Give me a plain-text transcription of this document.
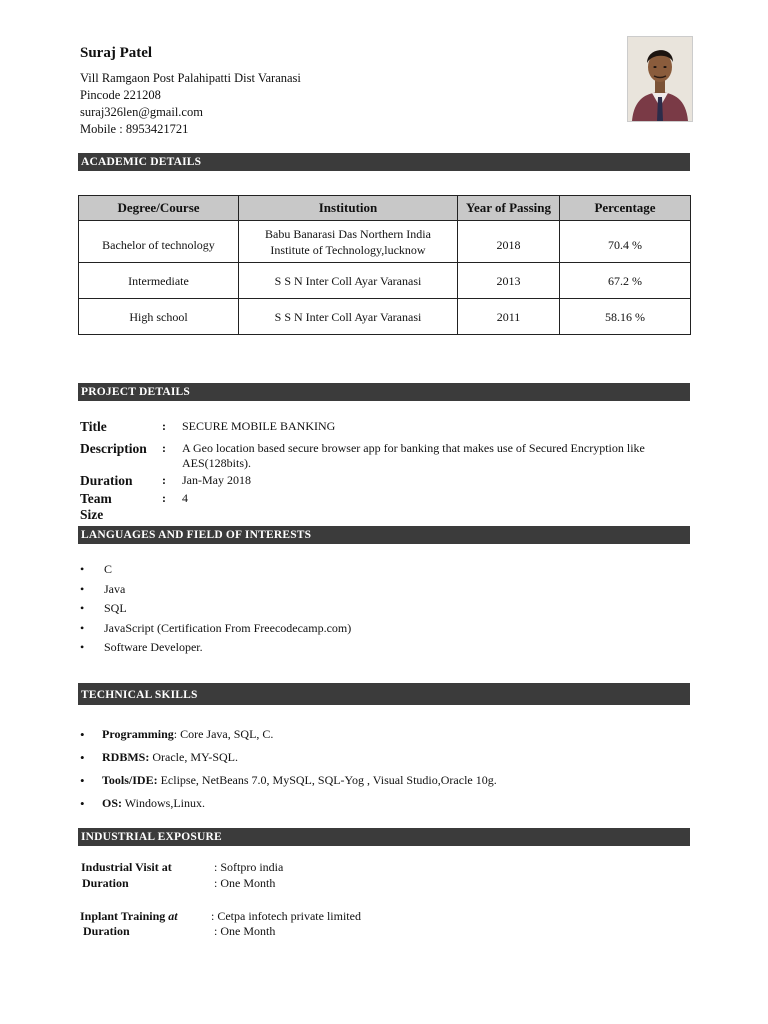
Suraj Patel
Vill Ramgaon Post Palahipatti Dist Varanasi
Pincode 221208
suraj326len@gmail.com
Mobile : 8953421721
ACADEMIC DETAILS
Degree/Course	Institution	Year of Passing	Percentage
Bachelor of technology	Babu Banarasi Das Northern India Institute of Technology,lucknow	2018	70.4 %
Intermediate	S S N Inter Coll Ayar Varanasi	2013	67.2 %
High school	S S N Inter Coll Ayar Varanasi	2011	58.16 %
PROJECT DETAILS
Title	: SECURE MOBILE BANKING
Description : A Geo location based secure browser app for banking that makes use of Secured Encryption like AES(128bits).
Duration : Jan-May 2018
Team Size
: 4
LANGUAGES AND FIELD OF INTERESTS
• C
• Java
• SQL
• JavaScript (Certification From Freecodecamp.com)
• Software Developer.
TECHNICAL SKILLS
• Programming: Core Java, SQL, C.
• RDBMS: Oracle, MY-SQL.
• Tools/IDE: Eclipse, NetBeans 7.0, MySQL, SQL-Yog , Visual Studio,Oracle 10g.
• OS: Windows,Linux.
INDUSTRIAL EXPOSURE
Industrial Visit at	: Softpro india
Duration	: One Month
Inplant Training at	: Cetpa infotech private limited
Duration	: One Month
